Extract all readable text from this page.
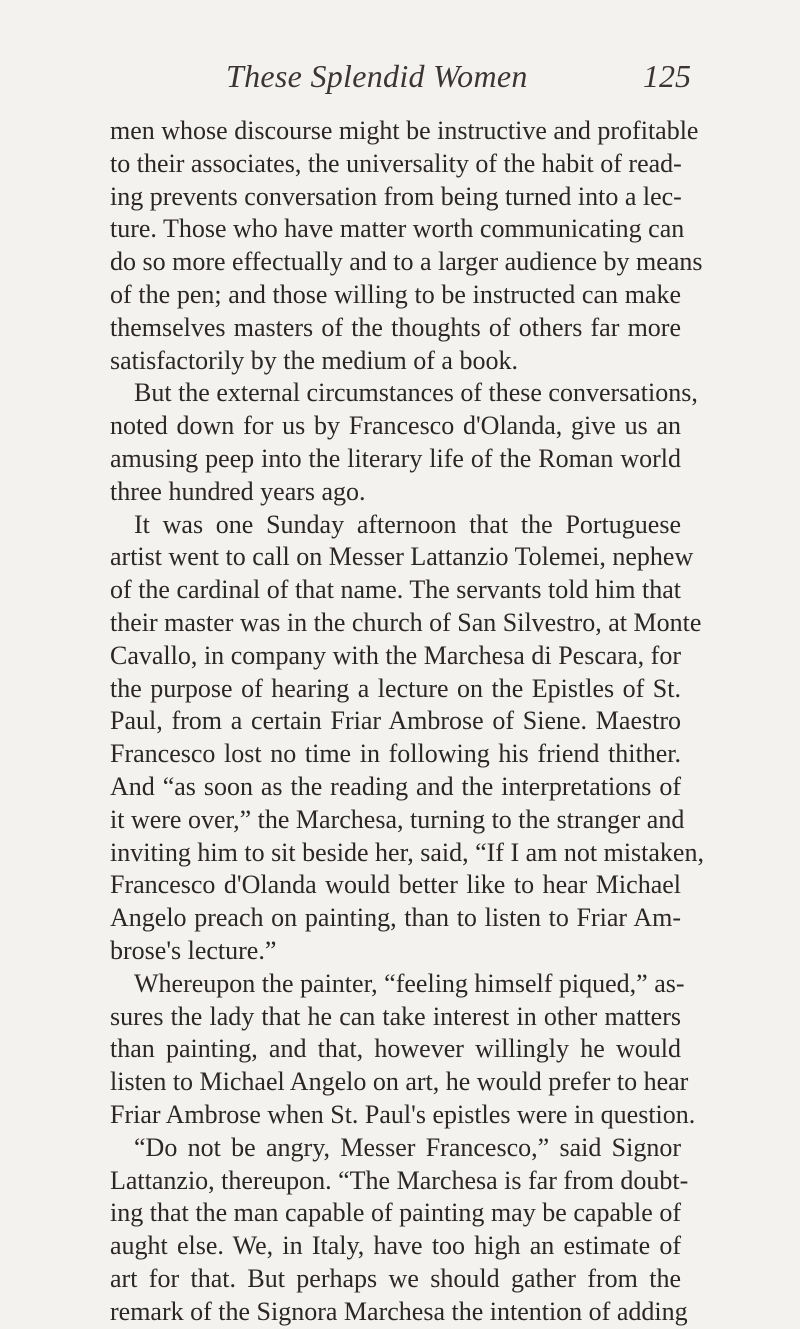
These Splendid Women	125
men whose discourse might be instructive and profitable
to their associates, the universality of the habit of read-
ing prevents conversation from being turned into a lec-
ture. Those who have matter worth communicating can
do so more effectually and to a larger audience by means
of the pen; and those willing to be instructed can make
themselves masters of the thoughts of others far more
satisfactorily by the medium of a book.
But the external circumstances of these conversations,
noted down for us by Francesco d'Olanda, give us an
amusing peep into the literary life of the Roman world
three hundred years ago.
It was one Sunday afternoon that the Portuguese
artist went to call on Messer Lattanzio Tolemei, nephew
of the cardinal of that name. The servants told him that
their master was in the church of San Silvestro, at Monte
Cavallo, in company with the Marchesa di Pescara, for
the purpose of hearing a lecture on the Epistles of St.
Paul, from a certain Friar Ambrose of Siene. Maestro
Francesco lost no time in following his friend thither.
And “as soon as the reading and the interpretations of
it were over,” the Marchesa, turning to the stranger and
inviting him to sit beside her, said, “If I am not mistaken,
Francesco d'Olanda would better like to hear Michael
Angelo preach on painting, than to listen to Friar Am-
brose's lecture.”
Whereupon the painter, “feeling himself piqued,” as-
sures the lady that he can take interest in other matters
than painting, and that, however willingly he would
listen to Michael Angelo on art, he would prefer to hear
Friar Ambrose when St. Paul's epistles were in question.
“Do not be angry, Messer Francesco,” said Signor
Lattanzio, thereupon. “The Marchesa is far from doubt-
ing that the man capable of painting may be capable of
aught else. We, in Italy, have too high an estimate of
art for that. But perhaps we should gather from the
remark of the Signora Marchesa the intention of adding
